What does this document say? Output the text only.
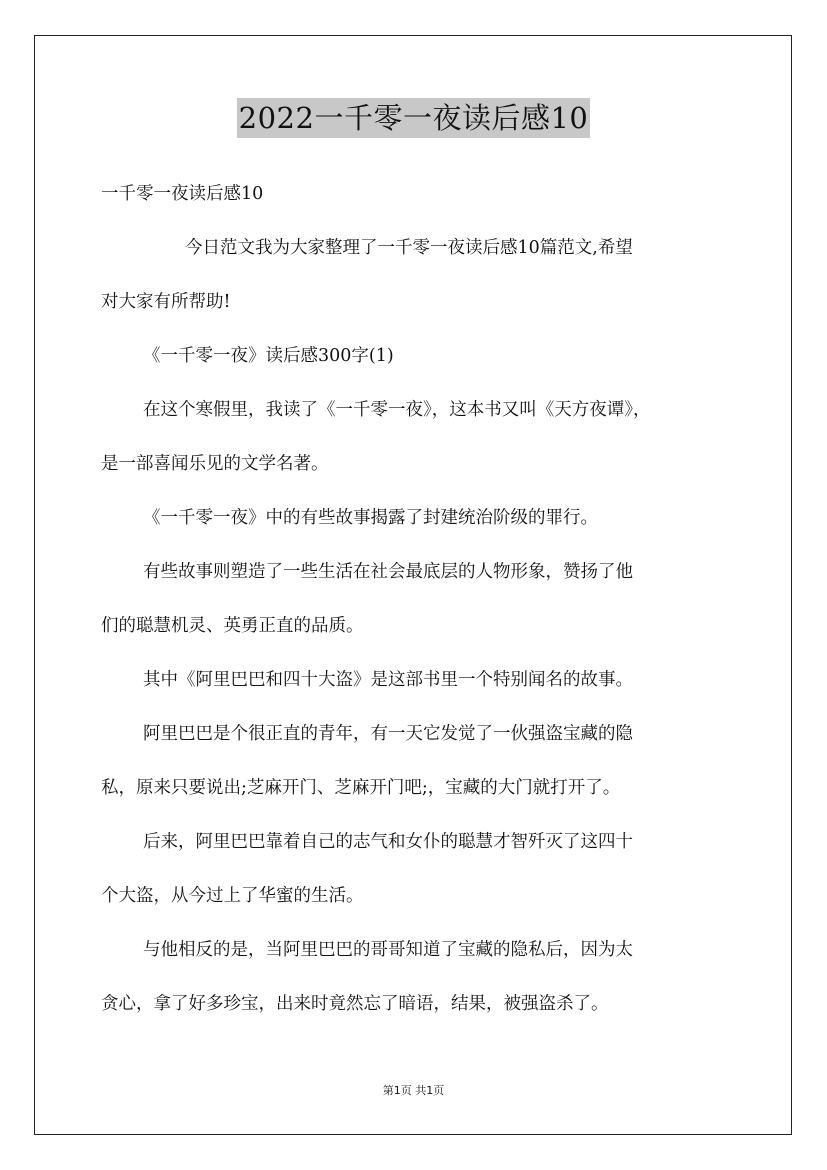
2022一千零一夜读后感10

一千零一夜读后感10

今日范文我为大家整理了一千零一夜读后感10篇范文,希望

对大家有所帮助!

《一千零一夜》读后感300字(1)

在这个寒假里，我读了《一千零一夜》，这本书又叫《天方夜谭》，

是一部喜闻乐见的文学名著。

《一千零一夜》中的有些故事揭露了封建统治阶级的罪行。

有些故事则塑造了一些生活在社会最底层的人物形象，赞扬了他

们的聪慧机灵、英勇正直的品质。

其中《阿里巴巴和四十大盗》是这部书里一个特别闻名的故事。

阿里巴巴是个很正直的青年，有一天它发觉了一伙强盗宝藏的隐

私，原来只要说出;芝麻开门、芝麻开门吧;，宝藏的大门就打开了。

后来，阿里巴巴靠着自己的志气和女仆的聪慧才智歼灭了这四十

个大盗，从今过上了华蜜的生活。

与他相反的是，当阿里巴巴的哥哥知道了宝藏的隐私后，因为太

贪心，拿了好多珍宝，出来时竟然忘了暗语，结果，被强盗杀了。

第1页 共1页
